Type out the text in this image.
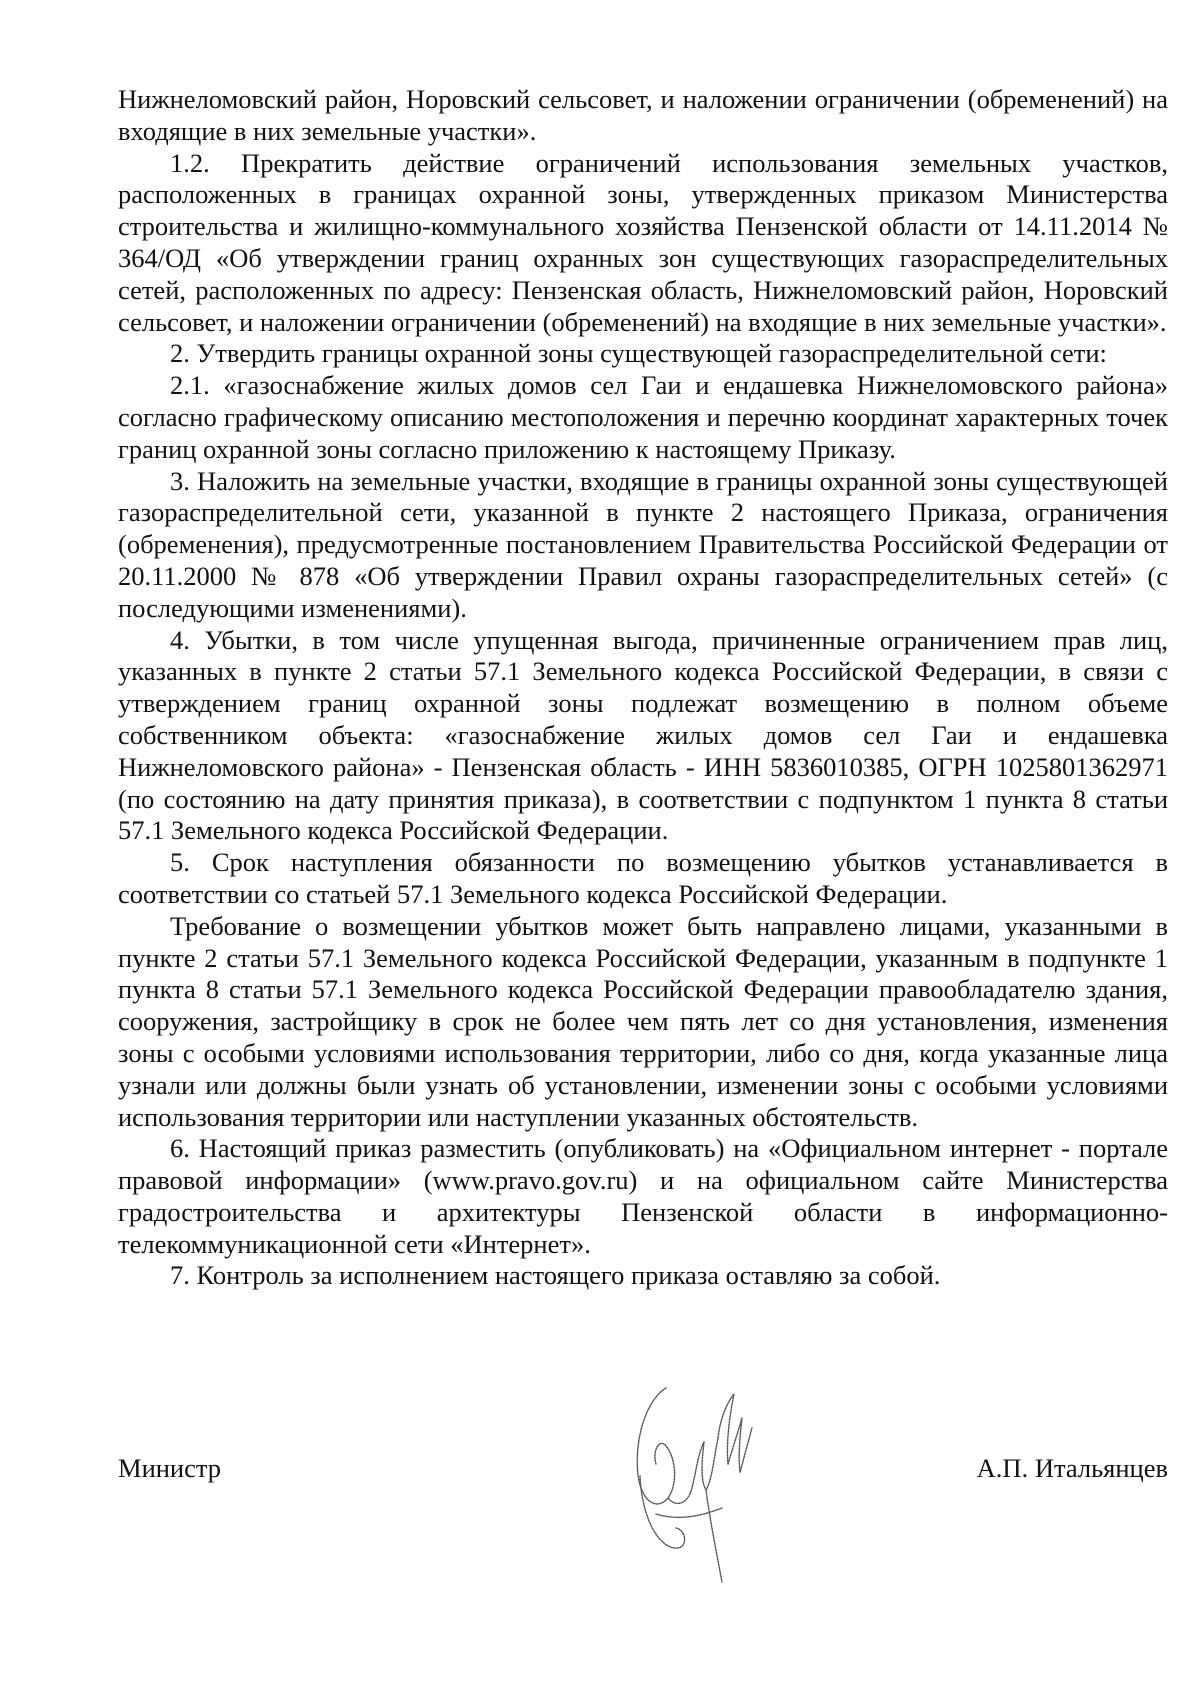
Нижнеломовский район, Норовский сельсовет, и наложении ограничении (обременений) на входящие в них земельные участки».

1.2. Прекратить действие ограничений использования земельных участков, расположенных в границах охранной зоны, утвержденных приказом Министерства строительства и жилищно-коммунального хозяйства Пензенской области от 14.11.2014 № 364/ОД «Об утверждении границ охранных зон существующих газораспределительных сетей, расположенных по адресу: Пензенская область, Нижнеломовский район, Норовский сельсовет, и наложении ограничении (обременений) на входящие в них земельные участки».

2. Утвердить границы охранной зоны существующей газораспределительной сети:

2.1. «газоснабжение жилых домов сел Гаи и ендашевка Нижнеломовского района» согласно графическому описанию местоположения и перечню координат характерных точек границ охранной зоны согласно приложению к настоящему Приказу.

3. Наложить на земельные участки, входящие в границы охранной зоны существующей газораспределительной сети, указанной в пункте 2 настоящего Приказа, ограничения (обременения), предусмотренные постановлением Правительства Российской Федерации от 20.11.2000 № 878 «Об утверждении Правил охраны газораспределительных сетей» (с последующими изменениями).

4. Убытки, в том числе упущенная выгода, причиненные ограничением прав лиц, указанных в пункте 2 статьи 57.1 Земельного кодекса Российской Федерации, в связи с утверждением границ охранной зоны подлежат возмещению в полном объеме собственником объекта: «газоснабжение жилых домов сел Гаи и ендашевка Нижнеломовского района» - Пензенская область - ИНН 5836010385, ОГРН 1025801362971 (по состоянию на дату принятия приказа), в соответствии с подпунктом 1 пункта 8 статьи 57.1 Земельного кодекса Российской Федерации.

5. Срок наступления обязанности по возмещению убытков устанавливается в соответствии со статьей 57.1 Земельного кодекса Российской Федерации.

Требование о возмещении убытков может быть направлено лицами, указанными в пункте 2 статьи 57.1 Земельного кодекса Российской Федерации, указанным в подпункте 1 пункта 8 статьи 57.1 Земельного кодекса Российской Федерации правообладателю здания, сооружения, застройщику в срок не более чем пять лет со дня установления, изменения зоны с особыми условиями использования территории, либо со дня, когда указанные лица узнали или должны были узнать об установлении, изменении зоны с особыми условиями использования территории или наступлении указанных обстоятельств.

6. Настоящий приказ разместить (опубликовать) на «Официальном интернет - портале правовой информации» (www.pravo.gov.ru) и на официальном сайте Министерства градостроительства и архитектуры Пензенской области в информационно-телекоммуникационной сети «Интернет».

7. Контроль за исполнением настоящего приказа оставляю за собой.

Министр	А.П. Итальянцев
